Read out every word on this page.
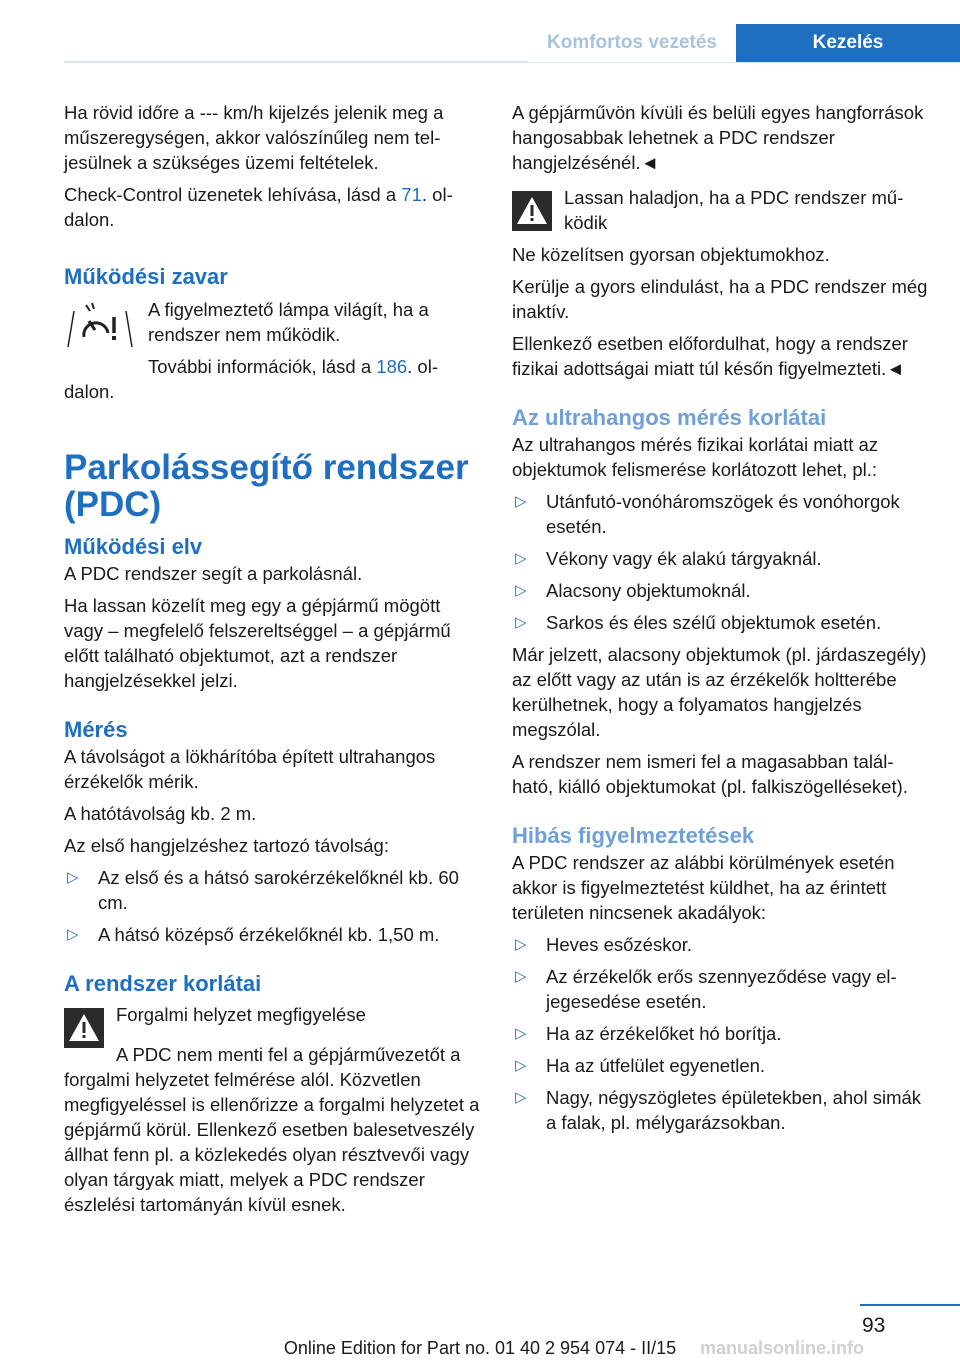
Komfortos vezetés	Kezelés

Ha rövid időre a --- km/h kijelzés jelenik meg a műszeregységen, akkor valószínűleg nem teljesülnek a szükséges üzemi feltételek.

Check-Control üzenetek lehívása, lásd a 71. oldalon.

Működési zavar

A figyelmeztető lámpa világít, ha a rendszer nem működik.

További információk, lásd a 186. oldalon.

Parkolássegítő rendszer (PDC)
Működési elv

A PDC rendszer segít a parkolásnál.

Ha lassan közelít meg egy a gépjármű mögött vagy – megfelelő felszereltséggel – a gépjármű előtt található objektumot, azt a rendszer hangjelzésekkel jelzi.

Mérés

A távolságot a lökhárítóba épített ultrahangos érzékelők mérik.

A hatótávolság kb. 2 m.

Az első hangjelzéshez tartozó távolság:

▷ Az első és a hátsó sarokérzékelőknél kb. 60 cm.
▷ A hátsó középső érzékelőknél kb. 1,50 m.
A rendszer korlátai

Forgalmi helyzet megfigyelése

A PDC nem menti fel a gépjárművezetőt a forgalmi helyzetet felmérése alól. Közvetlen megfigyeléssel is ellenőrizze a forgalmi helyzetet a gépjármű körül. Ellenkező esetben balesetveszély állhat fenn pl. a közlekedés olyan résztvevői vagy olyan tárgyak miatt, melyek a PDC rendszer észlelési tartományán kívül esnek.

A gépjárművön kívüli és belüli egyes hangforrások hangosabbak lehetnek a PDC rendszer hangjelzésénél.◄

Lassan haladjon, ha a PDC rendszer működik

Ne közelítsen gyorsan objektumokhoz.

Kerülje a gyors elindulást, ha a PDC rendszer még inaktív.

Ellenkező esetben előfordulhat, hogy a rendszer fizikai adottságai miatt túl későn figyelmezteti.◄

Az ultrahangos mérés korlátai

Az ultrahangos mérés fizikai korlátai miatt az objektumok felismerése korlátozott lehet, pl.:

▷ Utánfutó-vonóháromszögek és vonóhorgok esetén.
▷ Vékony vagy ék alakú tárgyaknál.
▷ Alacsony objektumoknál.
▷ Sarkos és éles szélű objektumok esetén.

Már jelzett, alacsony objektumok (pl. járdaszegély) az előtt vagy az után is az érzékelők holtterébe kerülhetnek, hogy a folyamatos hangjelzés megszólal.

A rendszer nem ismeri fel a magasabban található, kiálló objektumokat (pl. falkiszögelléseket).

Hibás figyelmeztetések

A PDC rendszer az alábbi körülmények esetén akkor is figyelmeztetést küldhet, ha az érintett területen nincsenek akadályok:

▷ Heves esőzéskor.
▷ Az érzékelők erős szennyeződése vagy eljegesedése esetén.
▷ Ha az érzékelőket hó borítja.
▷ Ha az útfelület egyenetlen.
▷ Nagy, négyszögletes épületekben, ahol simák a falak, pl. mélygarázsokban.
93
Online Edition for Part no. 01 40 2 954 074 - II/15	manualsonline.info
